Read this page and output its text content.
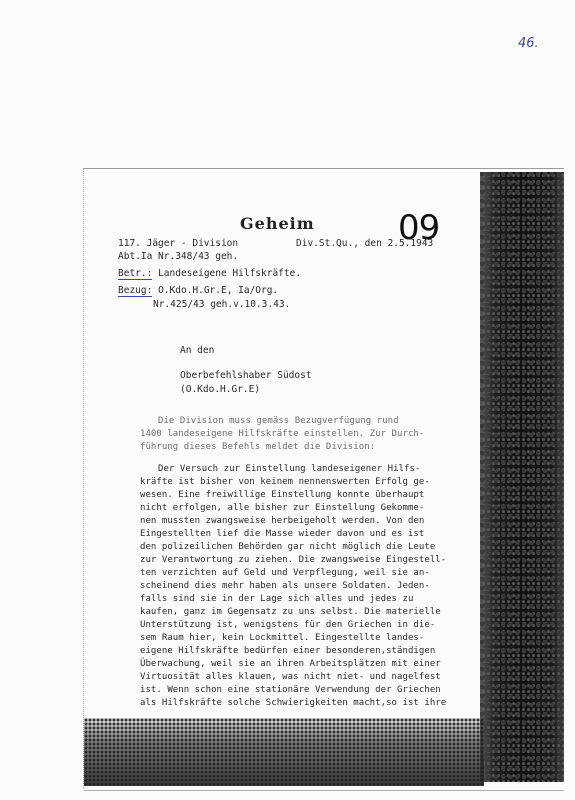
46.
Geheim 09
117. Jäger - Division	Div.St.Qu., den 2.5.1943
Abt.Ia Nr.348/43 geh.
Betr.: Landeseigene Hilfskräfte.
Bezug: O.Kdo.H.Gr.E, Ia/Org.
Nr.425/43 geh.v.10.3.43.
An den
Oberbefehlshaber Südost
(O.Kdo.H.Gr.E)
Die Division muss gemäss Bezugverfügung rund
1400 landeseigene Hilfskräfte einstellen. Zur Durch-
führung dieses Befehls meldet die Division:
Der Versuch zur Einstellung landeseigener Hilfs-
kräfte ist bisher von keinem nennenswerten Erfolg ge-
wesen. Eine freiwillige Einstellung konnte überhaupt
nicht erfolgen, alle bisher zur Einstellung Gekomme-
nen mussten zwangsweise herbeigeholt werden. Von den
Eingestellten lief die Masse wieder davon und es ist
den polizeilichen Behörden gar nicht möglich die Leute
zur Verantwortung zu ziehen. Die zwangsweise Eingestell-
ten verzichten auf Geld und Verpflegung, weil sie an-
scheinend dies mehr haben als unsere Soldaten. Jeden-
falls sind sie in der Lage sich alles und jedes zu
kaufen, ganz im Gegensatz zu uns selbst. Die materielle
Unterstützung ist, wenigstens für den Griechen in die-
sem Raum hier, kein Lockmittel. Eingestellte landes-
eigene Hilfskräfte bedürfen einer besonderen,ständigen
Überwachung, weil sie an ihren Arbeitsplätzen mit einer
Virtuosität alles klauen, was nicht niet- und nagelfest
ist. Wenn schon eine stationäre Verwendung der Griechen
als Hilfskräfte solche Schwierigkeiten macht,so ist ihre
